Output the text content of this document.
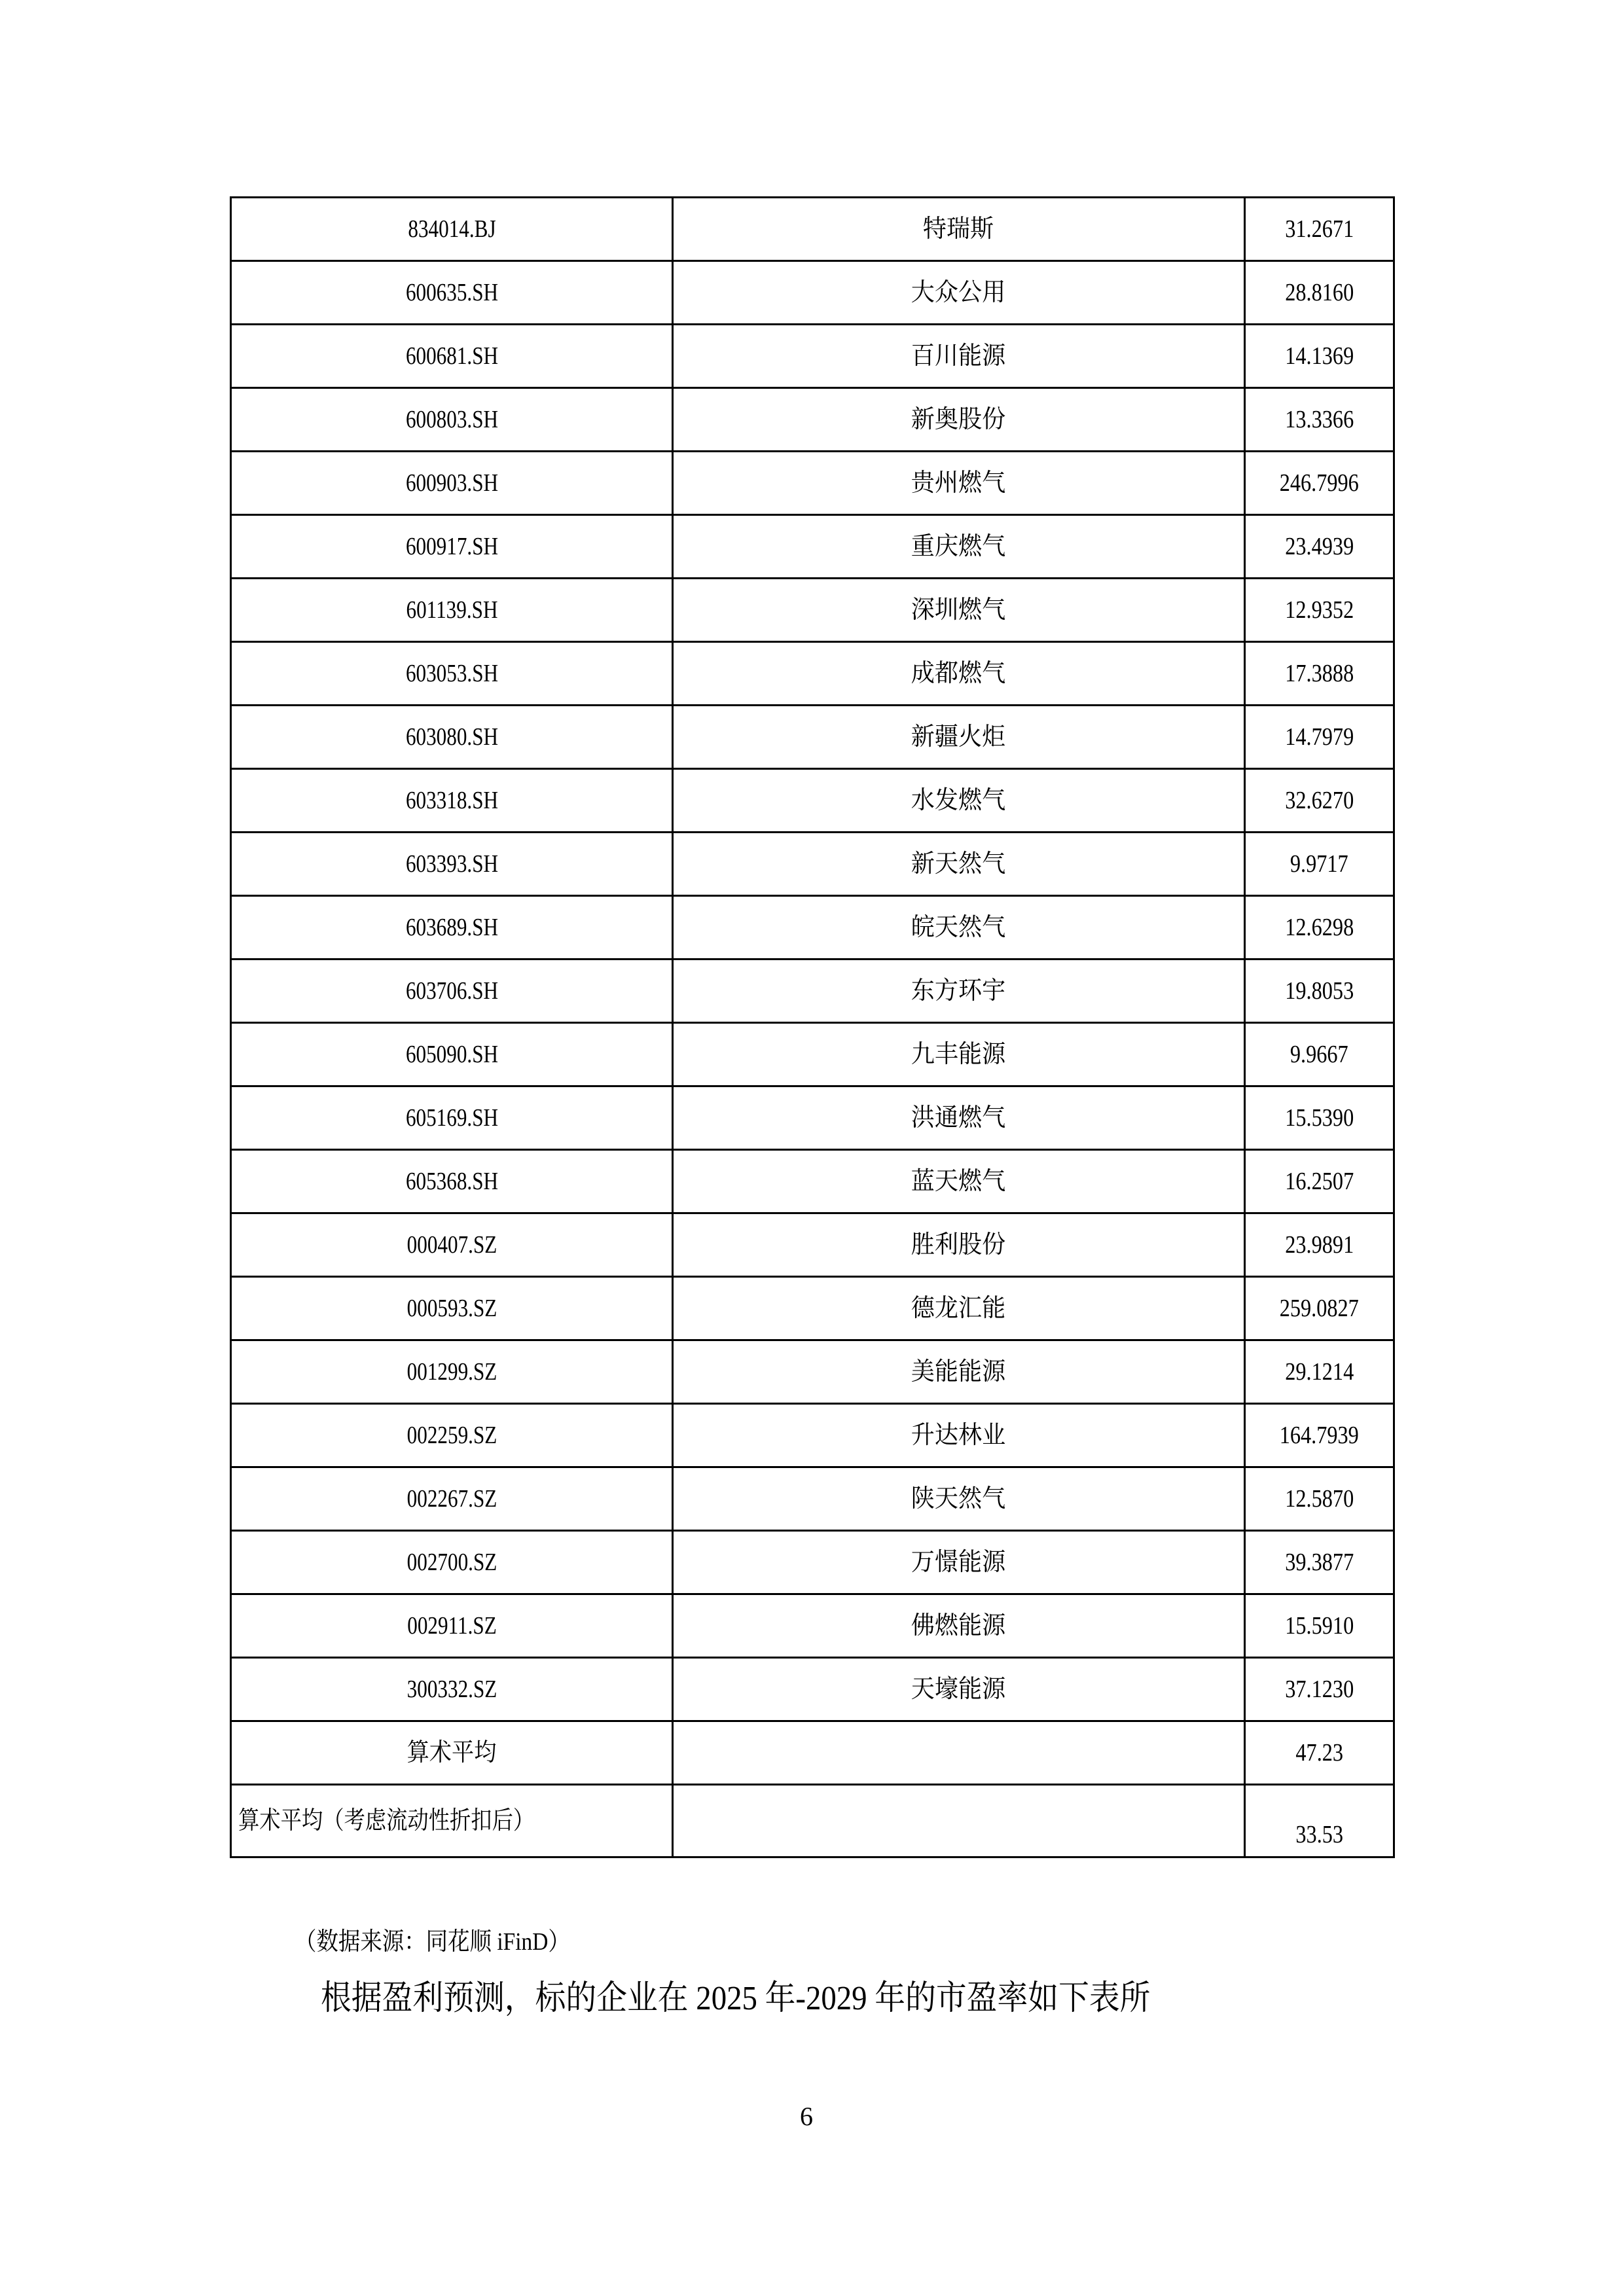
834014.BJ	特瑞斯	31.2671
600635.SH	大众公用	28.8160
600681.SH	百川能源	14.1369
600803.SH	新奥股份	13.3366
600903.SH	贵州燃气	246.7996
600917.SH	重庆燃气	23.4939
601139.SH	深圳燃气	12.9352
603053.SH	成都燃气	17.3888
603080.SH	新疆火炬	14.7979
603318.SH	水发燃气	32.6270
603393.SH	新天然气	9.9717
603689.SH	皖天然气	12.6298
603706.SH	东方环宇	19.8053
605090.SH	九丰能源	9.9667
605169.SH	洪通燃气	15.5390
605368.SH	蓝天燃气	16.2507
000407.SZ	胜利股份	23.9891
000593.SZ	德龙汇能	259.0827
001299.SZ	美能能源	29.1214
002259.SZ	升达林业	164.7939
002267.SZ	陕天然气	12.5870
002700.SZ	万憬能源	39.3877
002911.SZ	佛燃能源	15.5910
300332.SZ	天壕能源	37.1230
算术平均		47.23
算术平均（考虑流动性折扣后）		33.53
（数据来源：同花顺 iFinD）
根据盈利预测，标的企业在 2025 年-2029 年的市盈率如下表所
6
